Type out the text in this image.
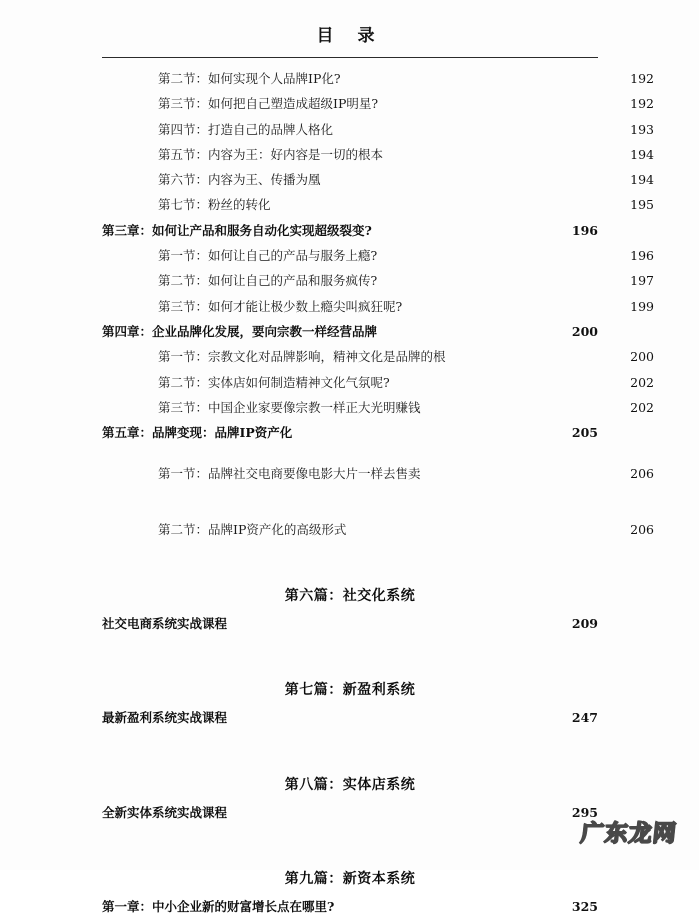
目 录
第二节：如何实现个人品牌IP化? ·····	192
第三节：如何把自己塑造成超级IP明星? ·····	192
第四节：打造自己的品牌人格化 ·····	193
第五节：内容为王：好内容是一切的根本 ·····	194
第六节：内容为王、传播为凰 ·····	194
第七节：粉丝的转化 ·····	195
第三章：如何让产品和服务自动化实现超级裂变? ·····	196
第一节：如何让自己的产品与服务上瘾? ·····	196
第二节：如何让自己的产品和服务疯传? ·····	197
第三节：如何才能让极少数上瘾尖叫疯狂呢? ·····	199
第四章：企业品牌化发展，要向宗教一样经营品牌 ·····	200
第一节：宗教文化对品牌影响，精神文化是品牌的根 ·····	200
第二节：实体店如何制造精神文化气氛呢? ·····	202
第三节：中国企业家要像宗教一样正大光明赚钱 ·····	202
第五章：品牌变现：品牌IP资产化 ·····	205
第一节：品牌社交电商要像电影大片一样去售卖 ·····	206
第二节：品牌IP资产化的高级形式 ·····	206
第六篇：社交化系统
社交电商系统实战课程 ·····	209
第七篇：新盈利系统
最新盈利系统实战课程 ·····	247
第八篇：实体店系统
全新实体系统实战课程 ·····	295
第九篇：新资本系统
第一章：中小企业新的财富增长点在哪里? ·····	325
广东龙网
